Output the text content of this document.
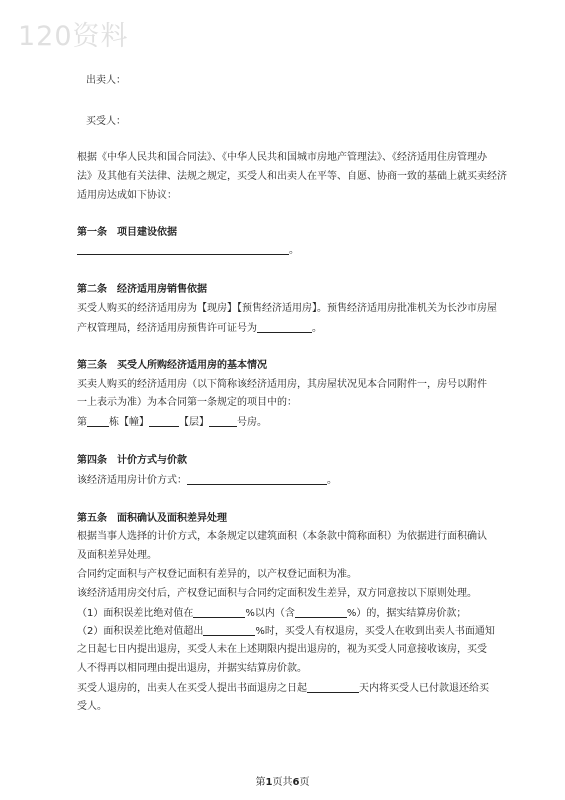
120资料
出卖人：
买受人：
根据《中华人民共和国合同法》、《中华人民共和国城市房地产管理法》、《经济适用住房管理办
法》及其他有关法律、法规之规定，买受人和出卖人在平等、自愿、协商一致的基础上就买卖经济
适用房达成如下协议：
第一条　项目建设依据
。
第二条　经济适用房销售依据
买受人购买的经济适用房为【现房】【预售经济适用房】。预售经济适用房批准机关为长沙市房屋
产权管理局，经济适用房预售许可证号为	。
第三条　买受人所购经济适用房的基本情况
买卖人购买的经济适用房（以下简称该经济适用房，其房屋状况见本合同附件一，房号以附件
一上表示为准）为本合同第一条规定的项目中的：
第 栋【幢】	【层】	号房。
第四条　计价方式与价款
该经济适用房计价方式：	。
第五条　面积确认及面积差异处理
根据当事人选择的计价方式，本条规定以建筑面积（本条款中简称面积）为依据进行面积确认
及面积差异处理。
合同约定面积与产权登记面积有差异的，以产权登记面积为准。
该经济适用房交付后，产权登记面积与合同约定面积发生差异，双方同意按以下原则处理。
（1）面积误差比绝对值在	%以内（含	%）的，据实结算房价款；
（2）面积误差比绝对值超出	%时，买受人有权退房，买受人在收到出卖人书面通知
之日起七日内提出退房，买受人未在上述期限内提出退房的，视为买受人同意接收该房，买受
人不得再以相同理由提出退房，并据实结算房价款。
买受人退房的，出卖人在买受人提出书面退房之日起	天内将买受人已付款退还给买
受人。
第1页共6页
